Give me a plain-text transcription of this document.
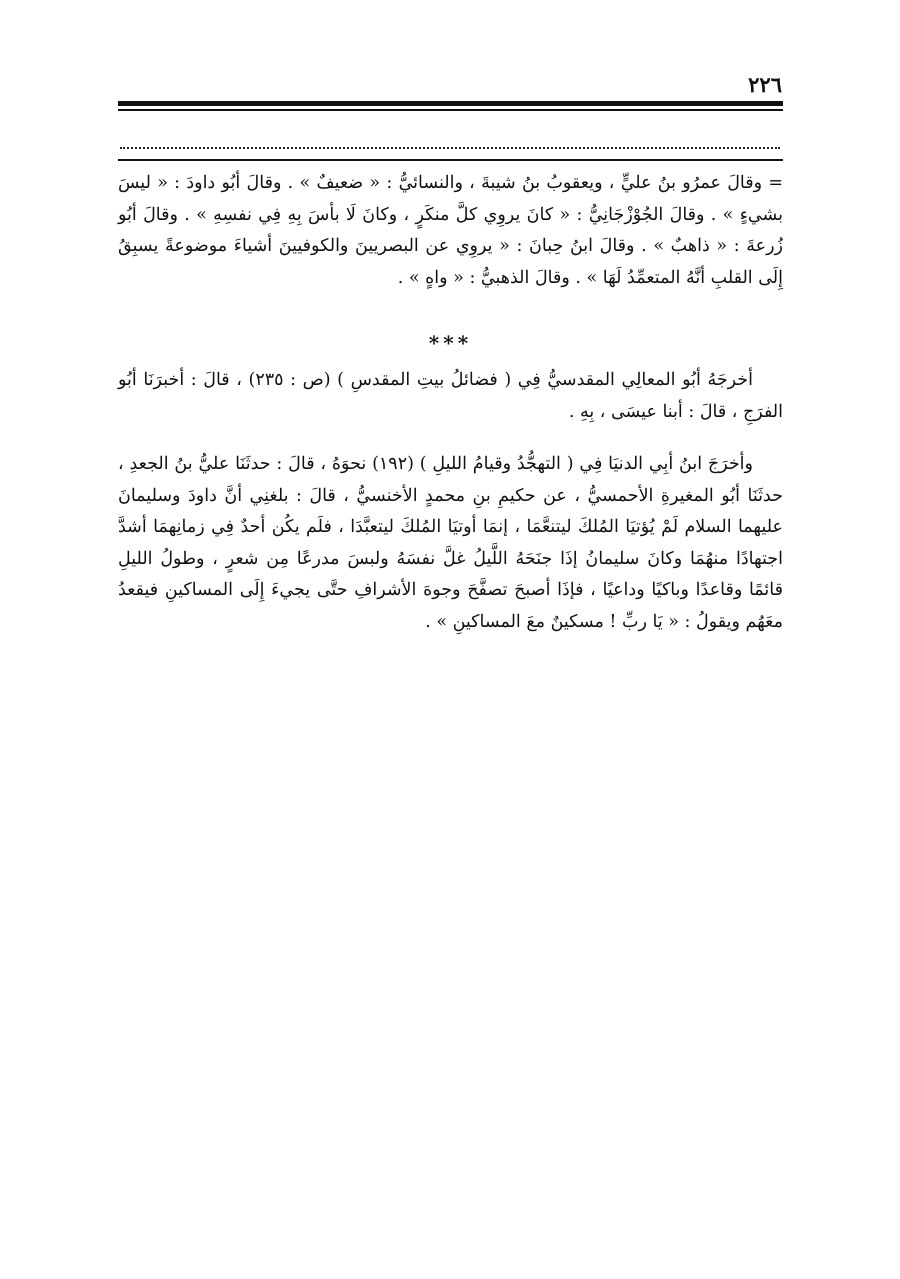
٢٢٦

= وقالَ عمرُو بنُ عليٍّ ، ويعقوبُ بنُ شيبةَ ، والنسائيُّ : « ضعيفٌ » . وقالَ أبُو داودَ : « ليسَ بشيءٍ » . وقالَ الجُوْزْجَانِيُّ : « كانَ يروِي كلَّ منكَرٍ ، وكانَ لَا بأسَ بِهِ فِي نفسِهِ » . وقالَ أبُو زُرعةَ : « ذاهبٌ » . وقالَ ابنُ حِبانَ : « يروِي عن البصريينَ والكوفيينَ أشياءَ موضوعةً يسبِقُ إِلَى القلبِ أنَّهُ المتعمِّدُ لَهَا » . وقالَ الذهبيُّ : « واهٍ » .

***

أخرجَهُ أبُو المعالِي المقدسيُّ فِي ( فضائلُ بيتِ المقدسِ ) (ص : ٢٣٥) ، قالَ : أخبرَنَا أبُو الفرَجِ ، قالَ : أبنا عيسَى ، بِهِ .

وأخرَجَ ابنُ أبِي الدنيَا فِي ( التهجُّدُ وقيامُ الليلِ ) (١٩٢) نحوَهُ ، قالَ : حدثَنَا عليُّ بنُ الجعدِ ، حدثَنَا أبُو المغيرةِ الأحمسيُّ ، عن حكيمِ بنِ محمدٍ الأخنسيُّ ، قالَ : بلغنِي أنَّ داودَ وسليمانَ عليهما السلام لَمْ يُؤتيَا المُلكَ ليتنعَّمَا ، إنمَا أوتيَا المُلكَ ليتعبَّدَا ، فلَم يكُن أحدٌ فِي زمانِهمَا أشدَّ اجتهادًا منهُمَا وكانَ سليمانُ إذَا جنَحَهُ اللَّيلُ غلَّ نفسَهُ ولبسَ مدرعًا مِن شعرٍ ، وطولُ الليلِ قائمًا وقاعدًا وباكيًا وداعيًا ، فإذَا أصبحَ تصفَّحَ وجوهَ الأشرافِ حتَّى يجيءَ إِلَى المساكينِ فيقعدُ معَهُم ويقولُ : « يَا ربِّ ! مسكينٌ معَ المساكينِ » .
